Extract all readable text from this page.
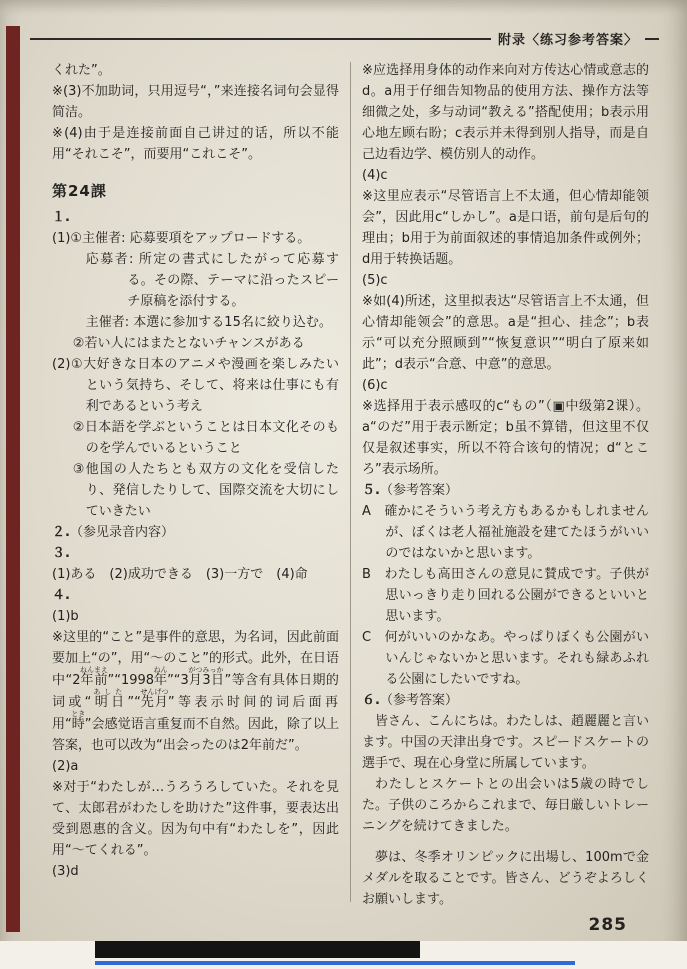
附录〈练习参考答案〉
くれた”。
※(3)不加助词，只用逗号“，”来连接名词句会显得简洁。
※(4)由于是连接前面自己讲过的话，所以不能用“それこそ”，而要用“これこそ”。
第24課
１.
(1)①主催者: 応募要項をアップロードする。
応募者: 所定の書式にしたがって応募する。その際、テーマに沿ったスピーチ原稿を添付する。
主催者: 本選に参加する15名に絞り込む。
②若い人にはまたとないチャンスがある
(2)①大好きな日本のアニメや漫画を楽しみたいという気持ち、そして、将来は仕事にも有利であるという考え
②日本語を学ぶということは日本文化そのものを学んでいるということ
③他国の人たちとも双方の文化を受信したり、発信したりして、国際交流を大切にしていきたい
２.（参见录音内容）
３.
(1)ある　(2)成功できる　(3)一方で　(4)命
４.
(1)b
※这里的“こと”是事件的意思，为名词，因此前面要加上“の”，用“～のこと”的形式。此外，在日语中“2年前ねんまえ”“1998年ねん”“3月がつ3日みっか”等含有具体日期的词或“明日あした”“先月せんげつ”等表示时间的词后面再用“時とき”会感觉语言重复而不自然。因此，除了以上答案，也可以改为“出会ったのは2年前だ”。
(2)a
※对于“わたしが…うろうろしていた。それを見て、太郎君がわたしを助けた”这件事，要表达出受到恩惠的含义。因为句中有“わたしを”，因此用“～てくれる”。
(3)d
※应选择用身体的动作来向对方传达心情或意志的d。a用于仔细告知物品的使用方法、操作方法等细微之处，多与动词“教える”搭配使用；b表示用心地左顾右盼；c表示并未得到别人指导，而是自己边看边学、模仿别人的动作。
(4)c
※这里应表示“尽管语言上不太通，但心情却能领会”，因此用c“しかし”。a是口语，前句是后句的理由；b用于为前面叙述的事情追加条件或例外；d用于转换话题。
(5)c
※如(4)所述，这里拟表达“尽管语言上不太通，但心情却能领会”的意思。a是“担心、挂念”；b表示“可以充分照顾到”“恢复意识”“明白了原来如此”；d表示“合意、中意”的意思。
(6)c
※选择用于表示感叹的c“もの”（▣中级第2课）。a“のだ”用于表示断定；b虽不算错，但这里不仅仅是叙述事实，所以不符合该句的情况；d“ところ”表示场所。
５.（参考答案）
A　確かにそういう考え方もあるかもしれませんが、ぼくは老人福祉施設を建てたほうがいいのではないかと思います。
B　わたしも高田さんの意見に賛成です。子供が思いっきり走り回れる公園ができるといいと思います。
C　何がいいのかなあ。やっぱりぼくも公園がいいんじゃないかと思います。それも緑あふれる公園にしたいですね。
６.（参考答案）
皆さん、こんにちは。わたしは、趙麗麗と言います。中国の天津出身です。スピードスケートの選手で、現在心身堂に所属しています。
わたしとスケートとの出会いは5歳の時でした。子供のころからこれまで、毎日厳しいトレーニングを続けてきました。
夢は、冬季オリンピックに出場し、100mで金メダルを取ることです。皆さん、どうぞよろしくお願いします。
285
